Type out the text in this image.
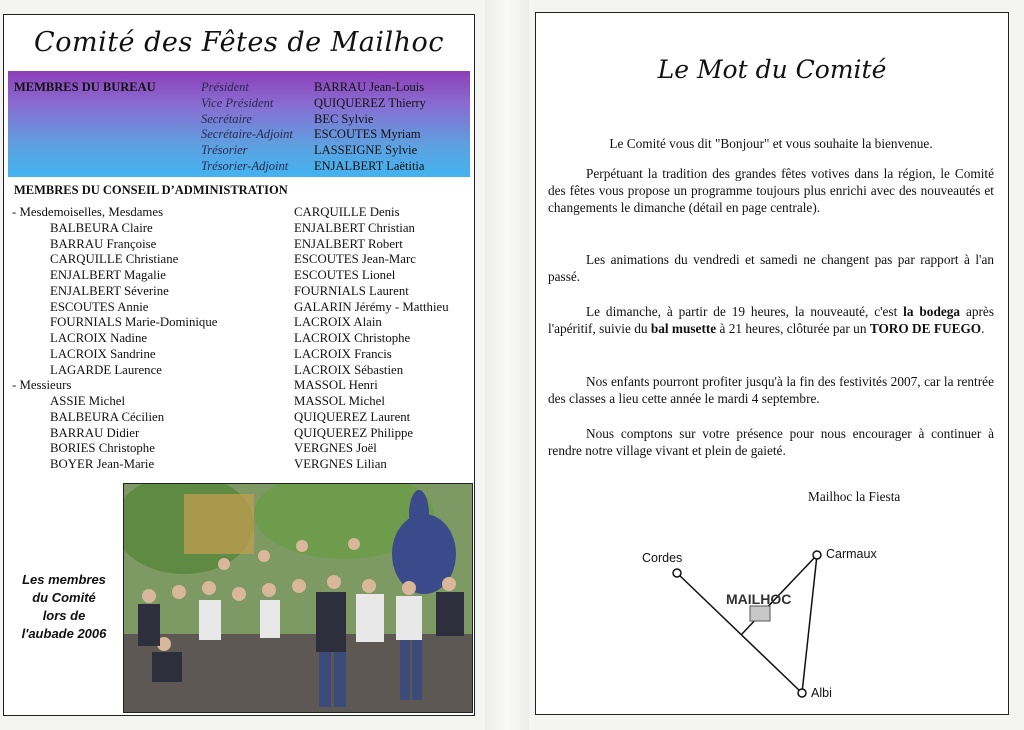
Comité des Fêtes de Mailhoc
MEMBRES DU BUREAU	Président
Vice Président
Secrétaire
Secrétaire-Adjoint
Trésorier
Trésorier-Adjoint
BARRAU Jean-Louis
QUIQUEREZ Thierry
BEC Sylvie
ESCOUTES Myriam
LASSEIGNE Sylvie
ENJALBERT Laëtitia
MEMBRES DU CONSEIL D’ADMINISTRATION
- Mesdemoiselles, Mesdames
BALBEURA Claire
BARRAU Françoise
CARQUILLE Christiane
ENJALBERT Magalie
ENJALBERT Séverine
ESCOUTES Annie
FOURNIALS Marie-Dominique
LACROIX Nadine
LACROIX Sandrine
LAGARDE Laurence
- Messieurs
ASSIE Michel
BALBEURA Cécilien
BARRAU Didier
BORIES Christophe
BOYER Jean-Marie
CARQUILLE Denis
ENJALBERT Christian
ENJALBERT Robert
ESCOUTES Jean-Marc
ESCOUTES Lionel
FOURNIALS Laurent
GALARIN Jérémy - Matthieu
LACROIX Alain
LACROIX Christophe
LACROIX Francis
LACROIX Sébastien
MASSOL Henri
MASSOL Michel
QUIQUEREZ Laurent
QUIQUEREZ Philippe
VERGNES Joël
VERGNES Lilian
Les membres
du Comité
lors de
l'aubade 2006
Le Mot du Comité
Le Comité vous dit "Bonjour" et vous souhaite la bienvenue.
Perpétuant la tradition des grandes fêtes votives dans la région, le Comité des fêtes vous propose un programme toujours plus enrichi avec des nouveautés et changements le dimanche (détail en page centrale).
Les animations du vendredi et samedi ne changent pas par rapport à l'an passé.
Le dimanche, à partir de 19 heures, la nouveauté, c'est la bodega après l'apéritif, suivie du bal musette à 21 heures, clôturée par un TORO DE FUEGO.
Nos enfants pourront profiter jusqu'à la fin des festivités 2007, car la rentrée des classes a lieu cette année le mardi 4 septembre.
Nous comptons sur votre présence pour nous encourager à continuer à rendre notre village vivant et plein de gaieté.
Mailhoc la Fiesta
Cordes	Carmaux
MAILHOC
Albi
